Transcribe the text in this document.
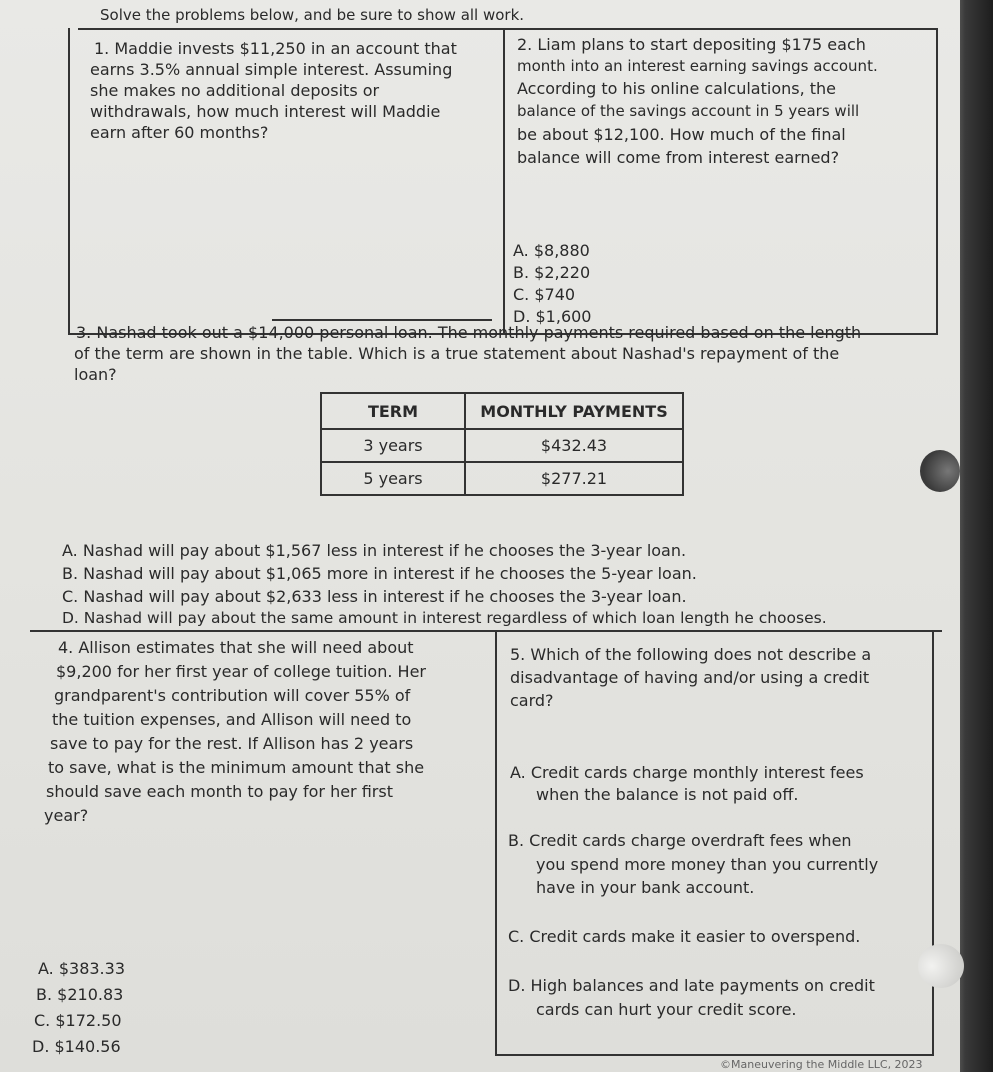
Solve the problems below, and be sure to show all work.
1. Maddie invests $11,250 in an account that
earns 3.5% annual simple interest. Assuming
she makes no additional deposits or
withdrawals, how much interest will Maddie
earn after 60 months?
2. Liam plans to start depositing $175 each
month into an interest earning savings account.
According to his online calculations, the
balance of the savings account in 5 years will
be about $12,100. How much of the final
balance will come from interest earned?
A. $8,880
B. $2,220
C. $740
D. $1,600
3. Nashad took out a $14,000 personal loan. The monthly payments required based on the length
of the term are shown in the table. Which is a true statement about Nashad's repayment of the
loan?
TERM	MONTHLY PAYMENTS
3 years	$432.43
5 years	$277.21
A. Nashad will pay about $1,567 less in interest if he chooses the 3-year loan.
B. Nashad will pay about $1,065 more in interest if he chooses the 5-year loan.
C. Nashad will pay about $2,633 less in interest if he chooses the 3-year loan.
D. Nashad will pay about the same amount in interest regardless of which loan length he chooses.
4. Allison estimates that she will need about
$9,200 for her first year of college tuition. Her
grandparent's contribution will cover 55% of
the tuition expenses, and Allison will need to
save to pay for the rest. If Allison has 2 years
to save, what is the minimum amount that she
should save each month to pay for her first
year?
A. $383.33
B. $210.83
C. $172.50
D. $140.56
5. Which of the following does not describe a
disadvantage of having and/or using a credit
card?
A. Credit cards charge monthly interest fees
when the balance is not paid off.
B. Credit cards charge overdraft fees when
you spend more money than you currently
have in your bank account.
C. Credit cards make it easier to overspend.
D. High balances and late payments on credit
cards can hurt your credit score.
©Maneuvering the Middle LLC, 2023
